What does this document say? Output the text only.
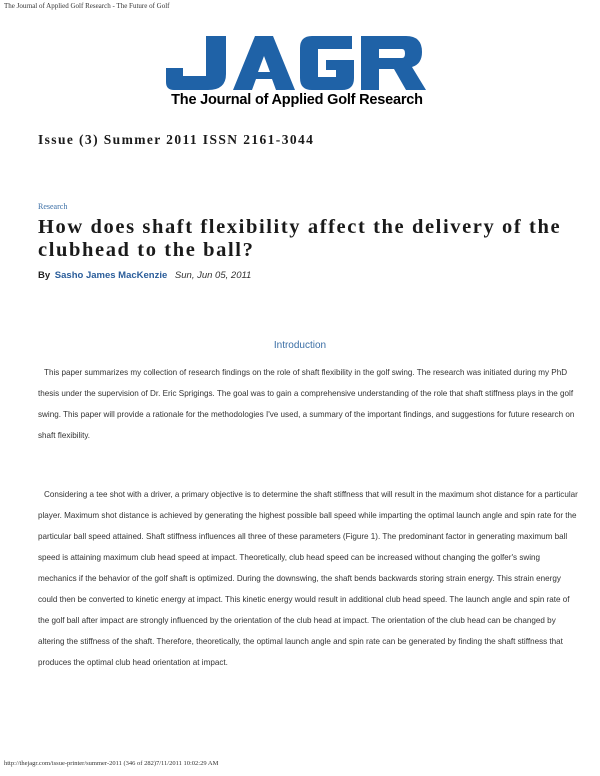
The Journal of Applied Golf Research - The Future of Golf
The Journal of Applied Golf Research
Issue (3) Summer 2011 ISSN 2161-3044
Research
How does shaft flexibility affect the delivery of the clubhead to the ball?
By Sasho James MacKenzie Sun, Jun 05, 2011
Introduction
This paper summarizes my collection of research findings on the role of shaft flexibility in the golf swing. The research was initiated during my PhD thesis under the supervision of Dr. Eric Sprigings. The goal was to gain a comprehensive understanding of the role that shaft stiffness plays in the golf swing. This paper will provide a rationale for the methodologies I've used, a summary of the important findings, and suggestions for future research on shaft flexibility.
Considering a tee shot with a driver, a primary objective is to determine the shaft stiffness that will result in the maximum shot distance for a particular player. Maximum shot distance is achieved by generating the highest possible ball speed while imparting the optimal launch angle and spin rate for the particular ball speed attained. Shaft stiffness influences all three of these parameters (Figure 1). The predominant factor in generating maximum ball speed is attaining maximum club head speed at impact. Theoretically, club head speed can be increased without changing the golfer's swing mechanics if the behavior of the golf shaft is optimized. During the downswing, the shaft bends backwards storing strain energy. This strain energy could then be converted to kinetic energy at impact. This kinetic energy would result in additional club head speed. The launch angle and spin rate of the golf ball after impact are strongly influenced by the orientation of the club head at impact. The orientation of the club head can be changed by altering the stiffness of the shaft. Therefore, theoretically, the optimal launch angle and spin rate can be generated by finding the shaft stiffness that produces the optimal club head orientation at impact.
http://thejagr.com/issue-printer/summer-2011 (346 of 282)7/11/2011 10:02:29 AM
